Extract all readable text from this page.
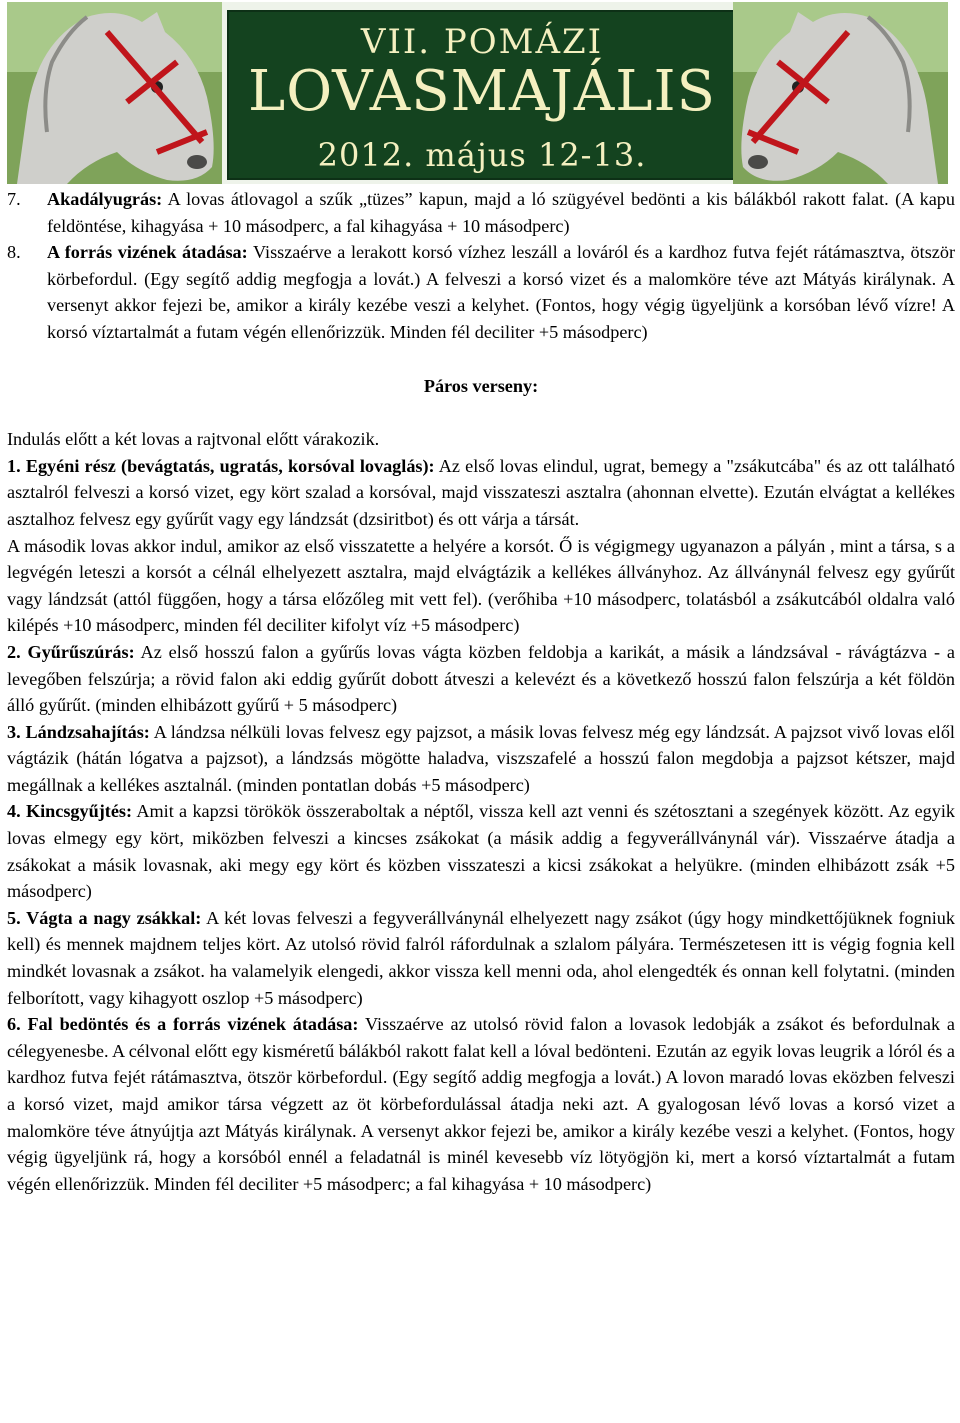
VII. POMÁZI
LOVASMAJÁLIS
2012. május 12-13.
7.	Akadályugrás: A lovas átlovagol a szűk „tüzes” kapun, majd a ló szügyével bedönti a kis bálákból rakott falat. (A kapu feldöntése, kihagyása + 10 másodperc, a fal kihagyása + 10 másodperc)
8.	A forrás vizének átadása: Visszaérve a lerakott korsó vízhez leszáll a lováról és a kardhoz futva fejét rátámasztva, ötször körbefordul. (Egy segítő addig megfogja a lovát.) A felveszi a korsó vizet és a malomköre téve azt Mátyás királynak. A versenyt akkor fejezi be, amikor a király kezébe veszi a kelyhet. (Fontos, hogy végig ügyeljünk a korsóban lévő vízre! A korsó víztartalmát a futam végén ellenőrizzük. Minden fél deciliter +5 másodperc)

Páros verseny:

Indulás előtt a két lovas a rajtvonal előtt várakozik.

1. Egyéni rész (bevágtatás, ugratás, korsóval lovaglás): Az első lovas elindul, ugrat, bemegy a "zsákutcába" és az ott található asztalról felveszi a korsó vizet, egy kört szalad a korsóval, majd visszateszi asztalra (ahonnan elvette). Ezután elvágtat a kellékes asztalhoz felvesz egy gyűrűt vagy egy lándzsát (dzsiritbot) és ott várja a társát.

A második lovas akkor indul, amikor az első visszatette a helyére a korsót. Ő is végigmegy ugyanazon a pályán , mint a társa, s a legvégén leteszi a korsót a célnál elhelyezett asztalra, majd elvágtázik a kellékes állványhoz. Az állványnál felvesz egy gyűrűt vagy lándzsát (attól függően, hogy a társa előzőleg mit vett fel). (verőhiba +10 másodperc, tolatásból a zsákutcából oldalra való kilépés +10 másodperc, minden fél deciliter kifolyt víz +5 másodperc)

2. Gyűrűszúrás: Az első hosszú falon a gyűrűs lovas vágta közben feldobja a karikát, a másik a lándzsával - rávágtázva - a levegőben felszúrja; a rövid falon aki eddig gyűrűt dobott átveszi a kelevézt és a következő hosszú falon felszúrja a két földön álló gyűrűt. (minden elhibázott gyűrű + 5 másodperc)

3. Lándzsahajítás: A lándzsa nélküli lovas felvesz egy pajzsot, a másik lovas felvesz még egy lándzsát. A pajzsot vivő lovas elől vágtázik (hátán lógatva a pajzsot), a lándzsás mögötte haladva, viszszafelé a hosszú falon megdobja a pajzsot kétszer, majd megállnak a kellékes asztalnál. (minden pontatlan dobás +5 másodperc)

4. Kincsgyűjtés: Amit a kapzsi törökök összeraboltak a néptől, vissza kell azt venni és szétosztani a szegények között. Az egyik lovas elmegy egy kört, miközben felveszi a kincses zsákokat (a másik addig a fegyverállványnál vár). Visszaérve átadja a zsákokat a másik lovasnak, aki megy egy kört és közben visszateszi a kicsi zsákokat a helyükre. (minden elhibázott zsák +5 másodperc)

5. Vágta a nagy zsákkal: A két lovas felveszi a fegyverállványnál elhelyezett nagy zsákot (úgy hogy mindkettőjüknek fogniuk kell) és mennek majdnem teljes kört. Az utolsó rövid falról ráfordulnak a szlalom pályára. Természetesen itt is végig fognia kell mindkét lovasnak a zsákot. ha valamelyik elengedi, akkor vissza kell menni oda, ahol elengedték és onnan kell folytatni. (minden felborított, vagy kihagyott oszlop +5 másodperc)

6. Fal bedöntés és a forrás vizének átadása: Visszaérve az utolsó rövid falon a lovasok ledobják a zsákot és befordulnak a célegyenesbe. A célvonal előtt egy kisméretű bálákból rakott falat kell a lóval bedönteni. Ezután az egyik lovas leugrik a lóról és a kardhoz futva fejét rátámasztva, ötször körbefordul. (Egy segítő addig megfogja a lovát.) A lovon maradó lovas eközben felveszi a korsó vizet, majd amikor társa végzett az öt körbefordulással átadja neki azt. A gyalogosan lévő lovas a korsó vizet a malomköre téve átnyújtja azt Mátyás királynak. A versenyt akkor fejezi be, amikor a király kezébe veszi a kelyhet. (Fontos, hogy végig ügyeljünk rá, hogy a korsóból ennél a feladatnál is minél kevesebb víz lötyögjön ki, mert a korsó víztartalmát a futam végén ellenőrizzük. Minden fél deciliter +5 másodperc; a fal kihagyása + 10 másodperc)
